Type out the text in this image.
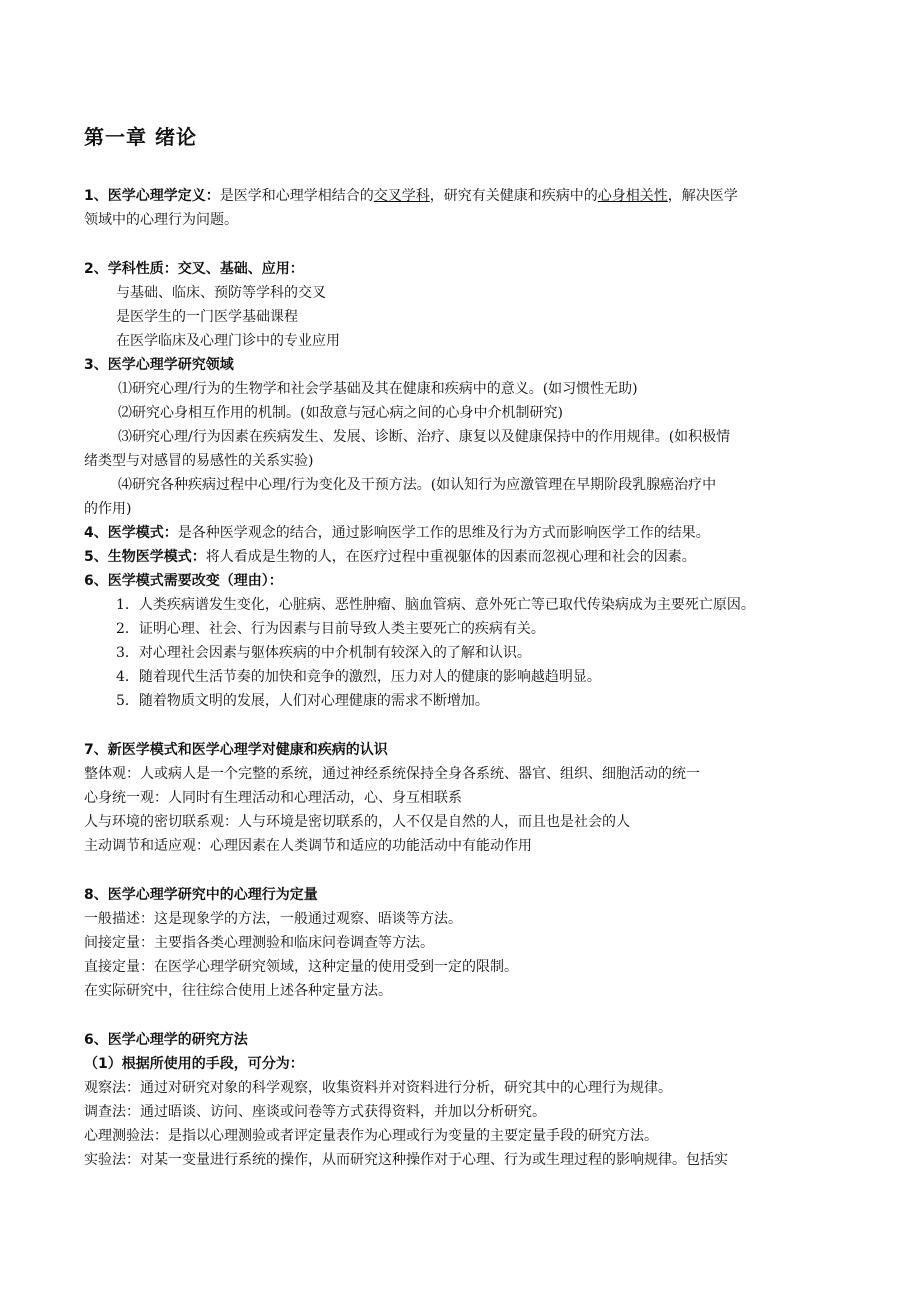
第一章 绪论
1、医学心理学定义：是医学和心理学相结合的交叉学科，研究有关健康和疾病中的心身相关性，解决医学
领域中的心理行为问题。
2、学科性质：交叉、基础、应用：
与基础、临床、预防等学科的交叉
是医学生的一门医学基础课程
在医学临床及心理门诊中的专业应用
3、医学心理学研究领域
⑴研究心理/行为的生物学和社会学基础及其在健康和疾病中的意义。(如习惯性无助)
⑵研究心身相互作用的机制。(如敌意与冠心病之间的心身中介机制研究)
⑶研究心理/行为因素在疾病发生、发展、诊断、治疗、康复以及健康保持中的作用规律。(如积极情
绪类型与对感冒的易感性的关系实验)
⑷研究各种疾病过程中心理/行为变化及干预方法。(如认知行为应激管理在早期阶段乳腺癌治疗中
的作用)
4、医学模式：是各种医学观念的结合，通过影响医学工作的思维及行为方式而影响医学工作的结果。
5、生物医学模式：将人看成是生物的人，在医疗过程中重视躯体的因素而忽视心理和社会的因素。
6、医学模式需要改变（理由）：
1．人类疾病谱发生变化，心脏病、恶性肿瘤、脑血管病、意外死亡等已取代传染病成为主要死亡原因。
2．证明心理、社会、行为因素与目前导致人类主要死亡的疾病有关。
3．对心理社会因素与躯体疾病的中介机制有较深入的了解和认识。
4．随着现代生活节奏的加快和竞争的激烈，压力对人的健康的影响越趋明显。
5．随着物质文明的发展，人们对心理健康的需求不断增加。
7、新医学模式和医学心理学对健康和疾病的认识
整体观：人或病人是一个完整的系统，通过神经系统保持全身各系统、器官、组织、细胞活动的统一
心身统一观：人同时有生理活动和心理活动，心、身互相联系
人与环境的密切联系观：人与环境是密切联系的，人不仅是自然的人，而且也是社会的人
主动调节和适应观：心理因素在人类调节和适应的功能活动中有能动作用
8、医学心理学研究中的心理行为定量
一般描述：这是现象学的方法，一般通过观察、晤谈等方法。
间接定量：主要指各类心理测验和临床问卷调查等方法。
直接定量：在医学心理学研究领域，这种定量的使用受到一定的限制。
在实际研究中，往往综合使用上述各种定量方法。
6、医学心理学的研究方法
（1）根据所使用的手段，可分为：
观察法：通过对研究对象的科学观察，收集资料并对资料进行分析，研究其中的心理行为规律。
调查法：通过晤谈、访问、座谈或问卷等方式获得资料，并加以分析研究。
心理测验法：是指以心理测验或者评定量表作为心理或行为变量的主要定量手段的研究方法。
实验法：对某一变量进行系统的操作，从而研究这种操作对于心理、行为或生理过程的影响规律。包括实
